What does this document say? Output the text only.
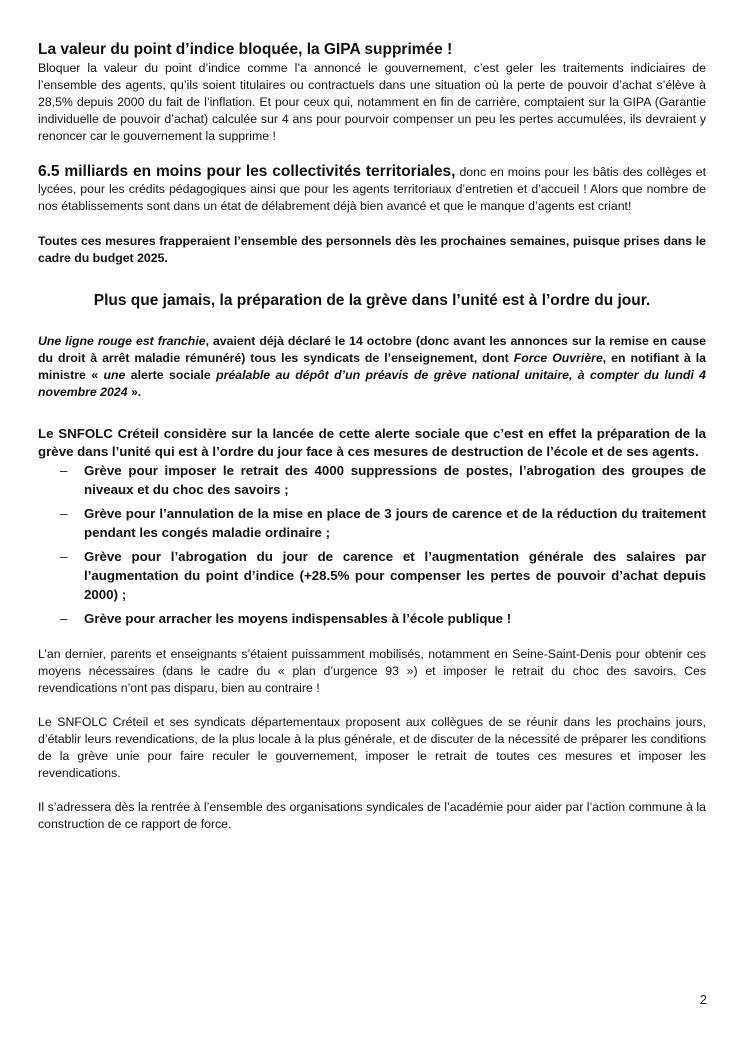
La valeur du point d’indice bloquée, la GIPA supprimée !

Bloquer la valeur du point d’indice comme l’a annoncé le gouvernement, c’est geler les traitements indiciaires de l’ensemble des agents, qu’ils soient titulaires ou contractuels dans une situation où la perte de pouvoir d’achat s’élève à 28,5% depuis 2000 du fait de l’inflation. Et pour ceux qui, notamment en fin de carrière, comptaient sur la GIPA (Garantie individuelle de pouvoir d’achat) calculée sur 4 ans pour pourvoir compenser un peu les pertes accumulées, ils devraient y renoncer car le gouvernement la supprime !

6.5 milliards en moins pour les collectivités territoriales, donc en moins pour les bâtis des collèges et lycées, pour les crédits pédagogiques ainsi que pour les agents territoriaux d’entretien et d’accueil ! Alors que nombre de nos établissements sont dans un état de délabrement déjà bien avancé et que le manque d’agents est criant!

Toutes ces mesures frapperaient l’ensemble des personnels dès les prochaines semaines, puisque prises dans le cadre du budget 2025.

Plus que jamais, la préparation de la grève dans l’unité est à l’ordre du jour.

Une ligne rouge est franchie, avaient déjà déclaré le 14 octobre (donc avant les annonces sur la remise en cause du droit à arrêt maladie rémunéré) tous les syndicats de l’enseignement, dont Force Ouvrière, en notifiant à la ministre « une alerte sociale préalable au dépôt d’un préavis de grève national unitaire, à compter du lundi 4 novembre 2024 ».

Le SNFOLC Créteil considère sur la lancée de cette alerte sociale que c’est en effet la préparation de la grève dans l’unité qui est à l’ordre du jour face à ces mesures de destruction de l’école et de ses agents.

– Grève pour imposer le retrait des 4000 suppressions de postes, l’abrogation des groupes de niveaux et du choc des savoirs ;
– Grève pour l’annulation de la mise en place de 3 jours de carence et de la réduction du traitement pendant les congés maladie ordinaire ;
– Grève pour l’abrogation du jour de carence et l’augmentation générale des salaires par l’augmentation du point d’indice (+28.5% pour compenser les pertes de pouvoir d’achat depuis 2000) ;
– Grève pour arracher les moyens indispensables à l’école publique !

L’an dernier, parents et enseignants s’étaient puissamment mobilisés, notamment en Seine-Saint-Denis pour obtenir ces moyens nécessaires (dans le cadre du « plan d’urgence 93 ») et imposer le retrait du choc des savoirs. Ces revendications n’ont pas disparu, bien au contraire !

Le SNFOLC Créteil et ses syndicats départementaux proposent aux collègues de se réunir dans les prochains jours, d’établir leurs revendications, de la plus locale à la plus générale, et de discuter de la nécessité de préparer les conditions de la grève unie pour faire reculer le gouvernement, imposer le retrait de toutes ces mesures et imposer les revendications.

Il s’adressera dès la rentrée à l’ensemble des organisations syndicales de l’académie pour aider par l’action commune à la construction de ce rapport de force.

2
